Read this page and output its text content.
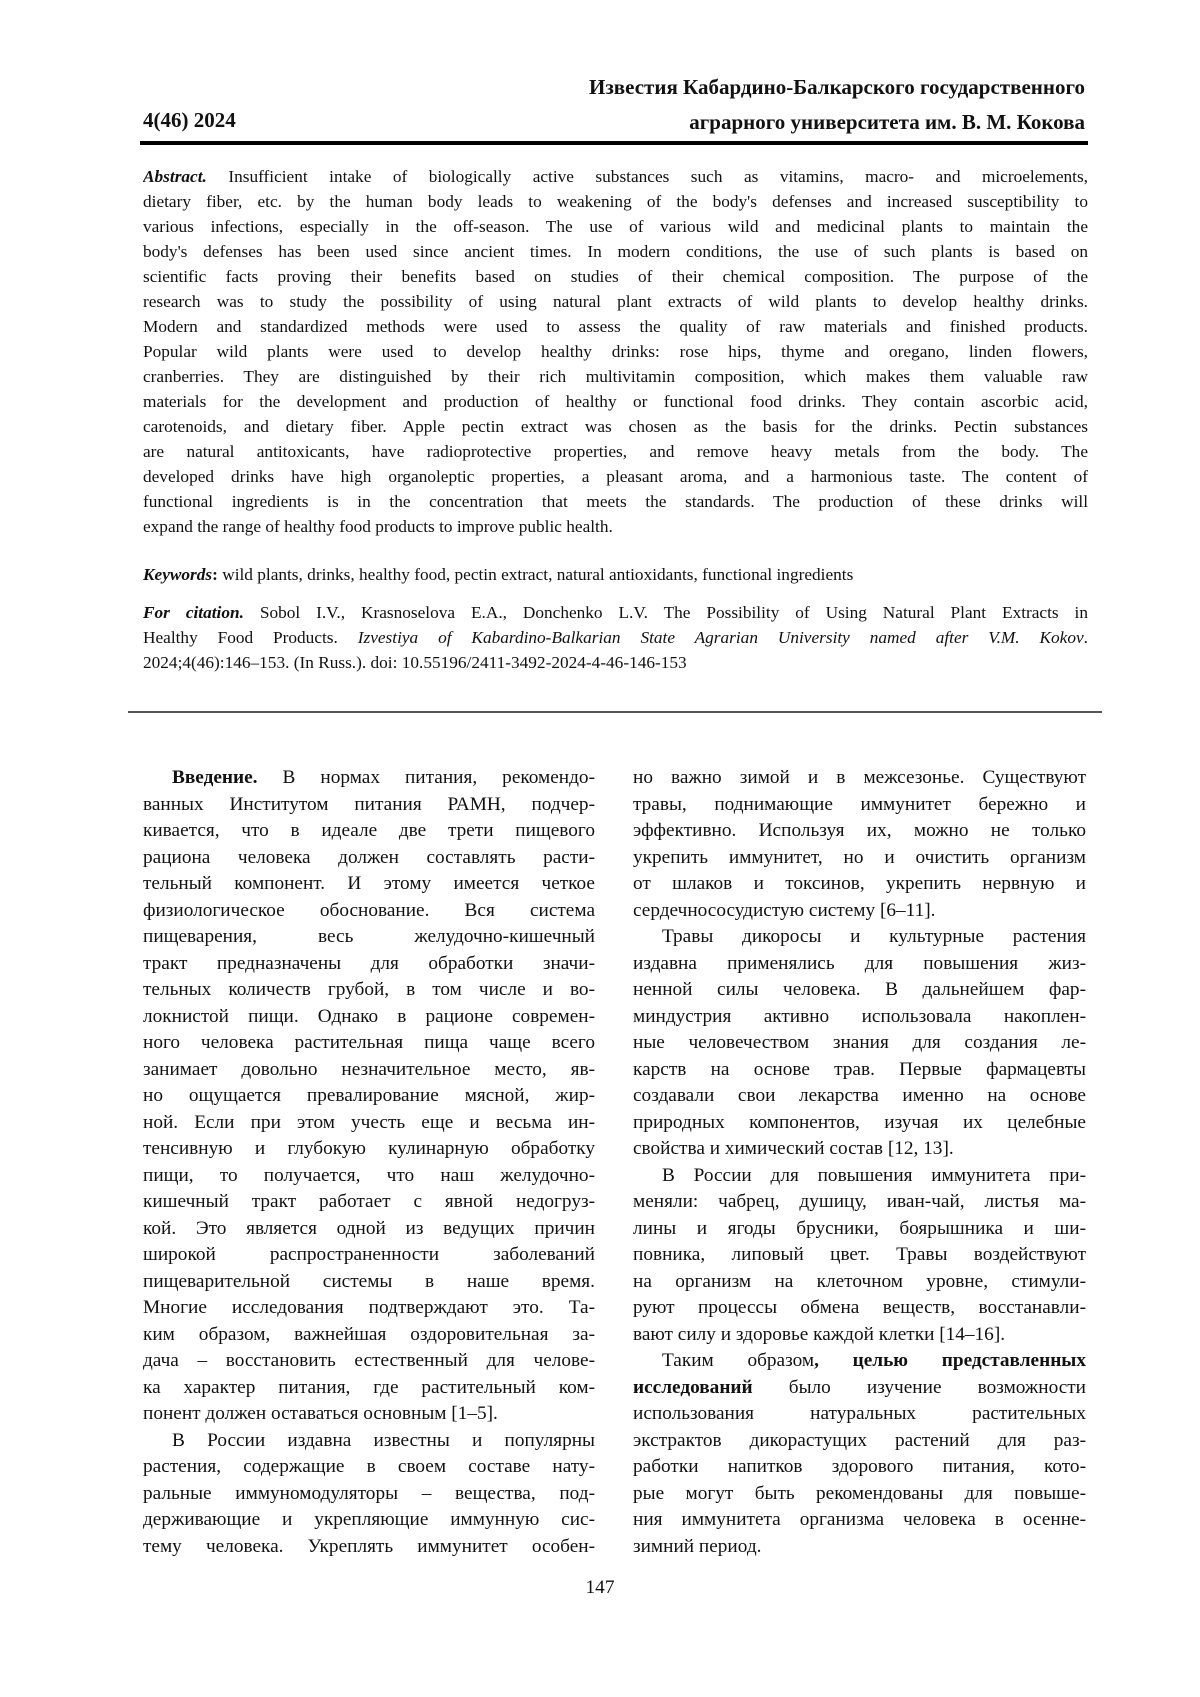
Известия Кабардино-Балкарского государственного
аграрного университета им. В. М. Кокова
4(46) 2024
Abstract. Insufficient intake of biologically active substances such as vitamins, macro- and microelements,
dietary fiber, etc. by the human body leads to weakening of the body's defenses and increased susceptibility to
various infections, especially in the off-season. The use of various wild and medicinal plants to maintain the
body's defenses has been used since ancient times. In modern conditions, the use of such plants is based on
scientific facts proving their benefits based on studies of their chemical composition. The purpose of the
research was to study the possibility of using natural plant extracts of wild plants to develop healthy drinks.
Modern and standardized methods were used to assess the quality of raw materials and finished products.
Popular wild plants were used to develop healthy drinks: rose hips, thyme and oregano, linden flowers,
cranberries. They are distinguished by their rich multivitamin composition, which makes them valuable raw
materials for the development and production of healthy or functional food drinks. They contain ascorbic acid,
carotenoids, and dietary fiber. Apple pectin extract was chosen as the basis for the drinks. Pectin substances
are natural antitoxicants, have radioprotective properties, and remove heavy metals from the body. The
developed drinks have high organoleptic properties, a pleasant aroma, and a harmonious taste. The content of
functional ingredients is in the concentration that meets the standards. The production of these drinks will
expand the range of healthy food products to improve public health.
Keywords: wild plants, drinks, healthy food, pectin extract, natural antioxidants, functional ingredients
For citation. Sobol I.V., Krasnoselova E.A., Donchenko L.V. The Possibility of Using Natural Plant Extracts in
Healthy Food Products. Izvestiya of Kabardino-Balkarian State Agrarian University named after V.M. Kokov.
2024;4(46):146–153. (In Russ.). doi: 10.55196/2411-3492-2024-4-46-146-153
Введение. В нормах питания, рекомендо-
ванных Институтом питания РАМН, подчер-
кивается, что в идеале две трети пищевого
рациона человека должен составлять расти-
тельный компонент. И этому имеется четкое
физиологическое обоснование. Вся система
пищеварения, весь желудочно-кишечный
тракт предназначены для обработки значи-
тельных количеств грубой, в том числе и во-
локнистой пищи. Однако в рационе современ-
ного человека растительная пища чаще всего
занимает довольно незначительное место, яв-
но ощущается превалирование мясной, жир-
ной. Если при этом учесть еще и весьма ин-
тенсивную и глубокую кулинарную обработку
пищи, то получается, что наш желудочно-
кишечный тракт работает с явной недогруз-
кой. Это является одной из ведущих причин
широкой распространенности заболеваний
пищеварительной системы в наше время.
Многие исследования подтверждают это. Та-
ким образом, важнейшая оздоровительная за-
дача – восстановить естественный для челове-
ка характер питания, где растительный ком-
понент должен оставаться основным [1–5].
В России издавна известны и популярны
растения, содержащие в своем составе нату-
ральные иммуномодуляторы – вещества, под-
держивающие и укрепляющие иммунную сис-
тему человека. Укреплять иммунитет особен-
но важно зимой и в межсезонье. Существуют
травы, поднимающие иммунитет бережно и
эффективно. Используя их, можно не только
укрепить иммунитет, но и очистить организм
от шлаков и токсинов, укрепить нервную и
сердечнососудистую систему [6–11].
Травы дикоросы и культурные растения
издавна применялись для повышения жиз-
ненной силы человека. В дальнейшем фар-
миндустрия активно использовала накоплен-
ные человечеством знания для создания ле-
карств на основе трав. Первые фармацевты
создавали свои лекарства именно на основе
природных компонентов, изучая их целебные
свойства и химический состав [12, 13].
В России для повышения иммунитета при-
меняли: чабрец, душицу, иван-чай, листья ма-
лины и ягоды брусники, боярышника и ши-
повника, липовый цвет. Травы воздействуют
на организм на клеточном уровне, стимули-
руют процессы обмена веществ, восстанавли-
вают силу и здоровье каждой клетки [14–16].
Таким образом, целью представленных
исследований было изучение возможности
использования натуральных растительных
экстрактов дикорастущих растений для раз-
работки напитков здорового питания, кото-
рые могут быть рекомендованы для повыше-
ния иммунитета организма человека в осенне-
зимний период.
147
